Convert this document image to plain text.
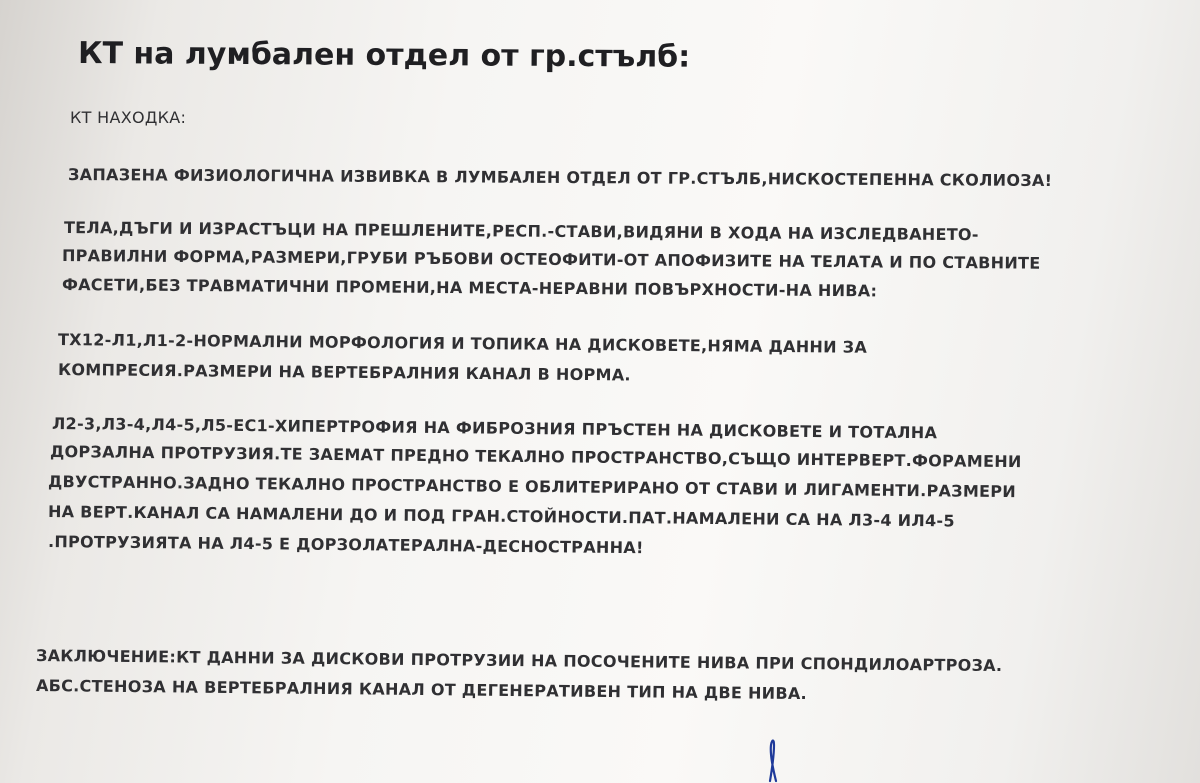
КТ на лумбален отдел от гр.стълб:
КТ НАХОДКА:
ЗАПАЗЕНА ФИЗИОЛОГИЧНА ИЗВИВКА В ЛУМБАЛЕН ОТДЕЛ ОТ ГР.СТЪЛБ,НИСКОСТЕПЕННА СКОЛИОЗА!
ТЕЛА,ДЪГИ И ИЗРАСТЪЦИ НА ПРЕШЛЕНИТЕ,РЕСП.-СТАВИ,ВИДЯНИ В ХОДА НА ИЗСЛЕДВАНЕТО-
ПРАВИЛНИ ФОРМА,РАЗМЕРИ,ГРУБИ РЪБОВИ ОСТЕОФИТИ-ОТ АПОФИЗИТЕ НА ТЕЛАТА И ПО СТАВНИТЕ
ФАСЕТИ,БЕЗ ТРАВМАТИЧНИ ПРОМЕНИ,НА МЕСТА-НЕРАВНИ ПОВЪРХНОСТИ-НА НИВА:
ТХ12-Л1,Л1-2-НОРМАЛНИ МОРФОЛОГИЯ И ТОПИКА НА ДИСКОВЕТЕ,НЯМА ДАННИ ЗА
КОМПРЕСИЯ.РАЗМЕРИ НА ВЕРТЕБРАЛНИЯ КАНАЛ В НОРМА.
Л2-3,Л3-4,Л4-5,Л5-ЕС1-ХИПЕРТРОФИЯ НА ФИБРОЗНИЯ ПРЪСТЕН НА ДИСКОВЕТЕ И ТОТАЛНА
ДОРЗАЛНА ПРОТРУЗИЯ.ТЕ ЗАЕМАТ ПРЕДНО ТЕКАЛНО ПРОСТРАНСТВО,СЪЩО ИНТЕРВЕРТ.ФОРАМЕНИ
ДВУСТРАННО.ЗАДНО ТЕКАЛНО ПРОСТРАНСТВО Е ОБЛИТЕРИРАНО ОТ СТАВИ И ЛИГАМЕНТИ.РАЗМЕРИ
НА ВЕРТ.КАНАЛ СА НАМАЛЕНИ ДО И ПОД ГРАН.СТОЙНОСТИ.ПАТ.НАМАЛЕНИ СА НА Л3-4 ИЛ4-5
.ПРОТРУЗИЯТА НА Л4-5 Е ДОРЗОЛАТЕРАЛНА-ДЕСНОСТРАННА!
ЗАКЛЮЧЕНИЕ:КТ ДАННИ ЗА ДИСКОВИ ПРОТРУЗИИ НА ПОСОЧЕНИТЕ НИВА ПРИ СПОНДИЛОАРТРОЗА.
АБС.СТЕНОЗА НА ВЕРТЕБРАЛНИЯ КАНАЛ ОТ ДЕГЕНЕРАТИВЕН ТИП НА ДВЕ НИВА.
